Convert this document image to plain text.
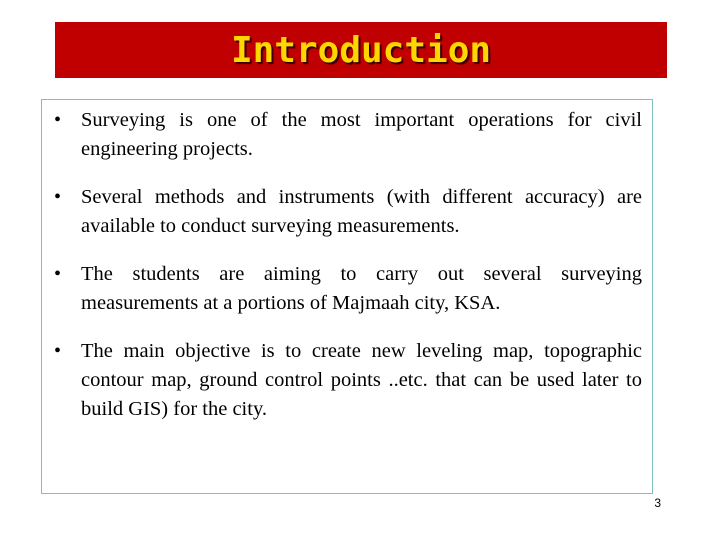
Introduction
• Surveying is one of the most important operations for civil engineering projects.
• Several methods and instruments (with different accuracy) are available to conduct surveying measurements.
• The students are aiming to carry out several surveying measurements at a portions of Majmaah city, KSA.
• The main objective is to create new leveling map, topographic contour map, ground control points ..etc. that can be used later to build GIS) for the city.
3
